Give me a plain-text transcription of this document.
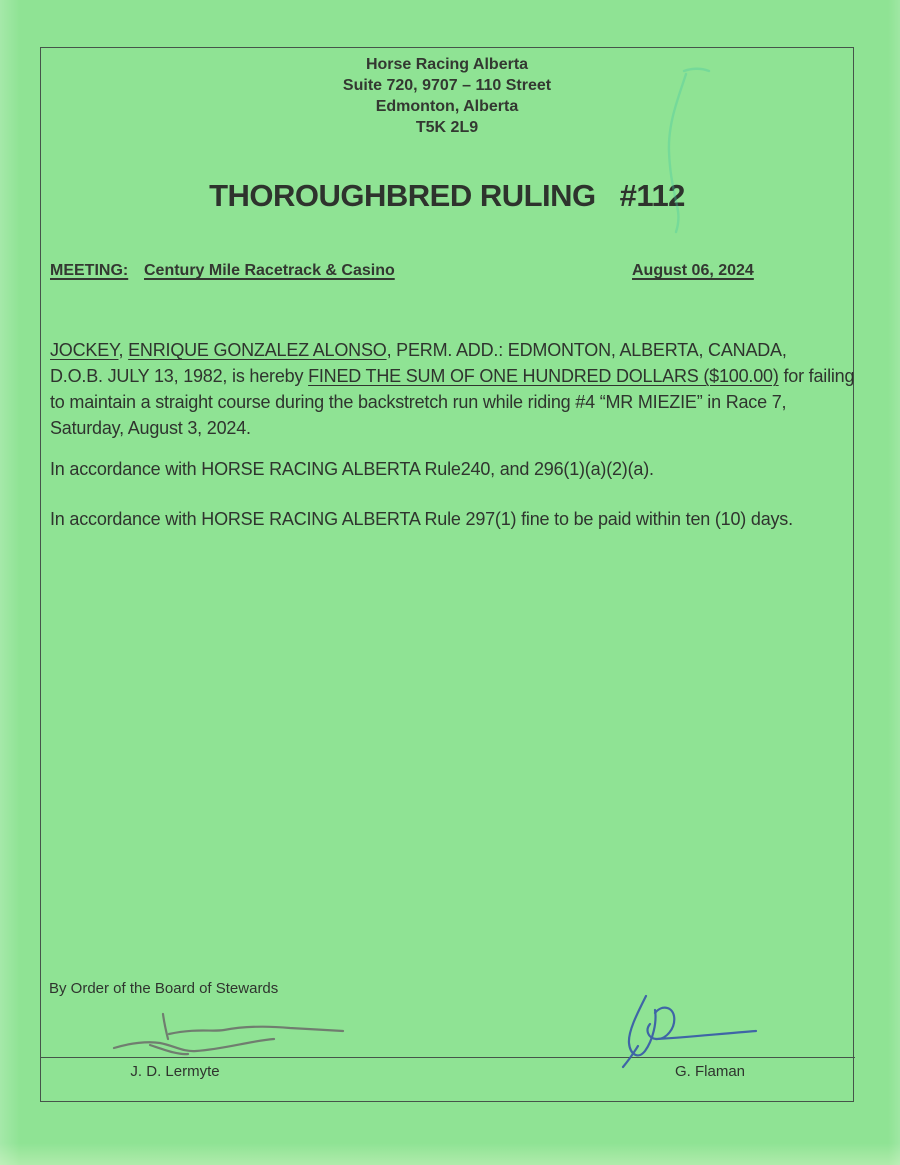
Horse Racing Alberta
Suite 720, 9707 – 110 Street
Edmonton, Alberta
T5K 2L9
THOROUGHBRED RULING #112
MEETING: Century Mile Racetrack & Casino	August 06, 2024
JOCKEY, ENRIQUE GONZALEZ ALONSO, PERM. ADD.: EDMONTON, ALBERTA, CANADA,
D.O.B. JULY 13, 1982, is hereby FINED THE SUM OF ONE HUNDRED DOLLARS ($100.00) for failing
to maintain a straight course during the backstretch run while riding #4 “MR MIEZIE” in Race 7,
Saturday, August 3, 2024.
In accordance with HORSE RACING ALBERTA Rule240, and 296(1)(a)(2)(a).
In accordance with HORSE RACING ALBERTA Rule 297(1) fine to be paid within ten (10) days.
By Order of the Board of Stewards
J. D. Lermyte	G. Flaman
